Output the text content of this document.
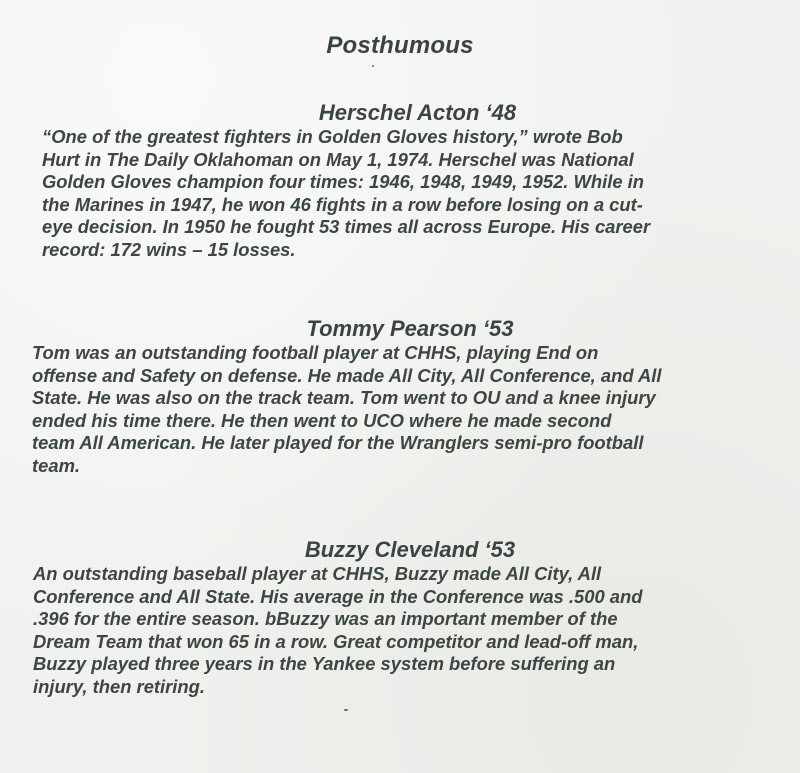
Posthumous
Herschel Acton ‘48

“One of the greatest fighters in Golden Gloves history,” wrote Bob
Hurt in The Daily Oklahoman on May 1, 1974. Herschel was National
Golden Gloves champion four times: 1946, 1948, 1949, 1952. While in
the Marines in 1947, he won 46 fights in a row before losing on a cut-
eye decision. In 1950 he fought 53 times all across Europe. His career
record: 172 wins – 15 losses.

Tommy Pearson ‘53

Tom was an outstanding football player at CHHS, playing End on
offense and Safety on defense. He made All City, All Conference, and All
State. He was also on the track team. Tom went to OU and a knee injury
ended his time there. He then went to UCO where he made second
team All American. He later played for the Wranglers semi-pro football
team.

Buzzy Cleveland ‘53

An outstanding baseball player at CHHS, Buzzy made All City, All
Conference and All State. His average in the Conference was .500 and
.396 for the entire season. bBuzzy was an important member of the
Dream Team that won 65 in a row. Great competitor and lead-off man,
Buzzy played three years in the Yankee system before suffering an
injury, then retiring.
